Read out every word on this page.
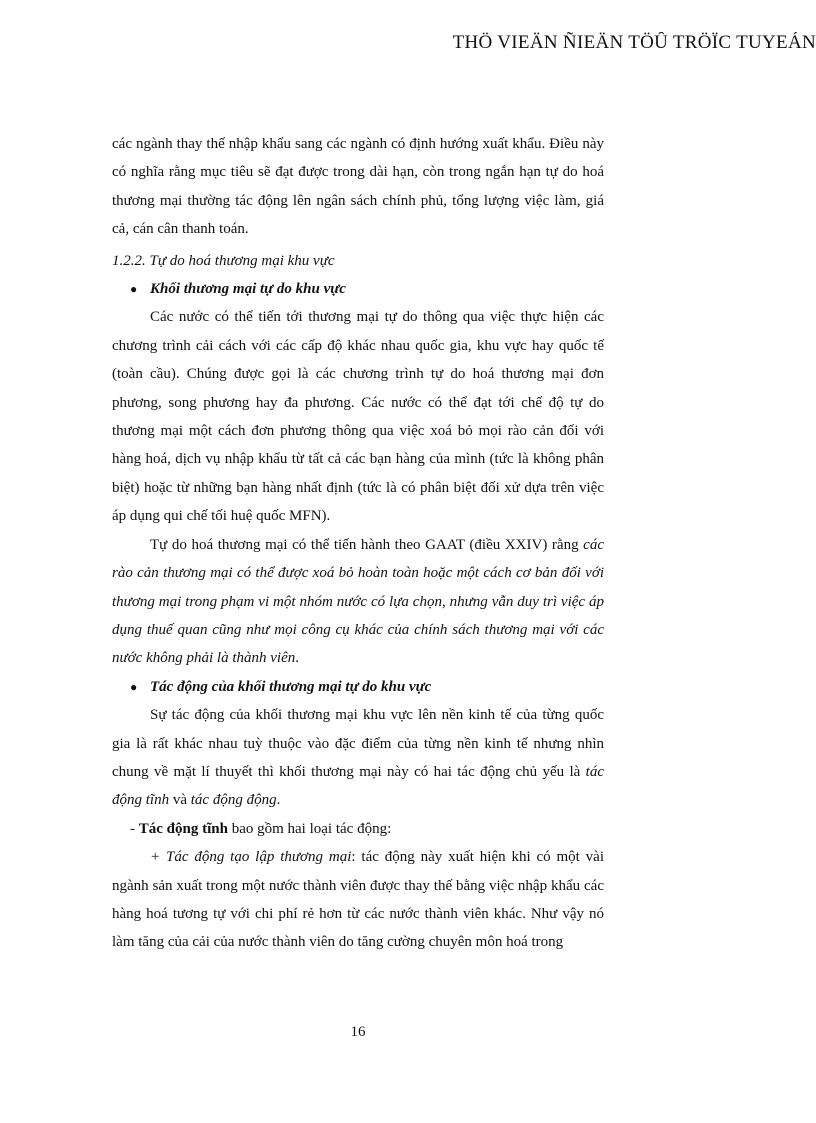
THÖ VIEÄN ÑIEÄN TÖÛ TRÖÏC TUYEÁN

các ngành thay thế nhập khẩu sang các ngành có định hướng xuất khẩu. Điều này có nghĩa rằng mục tiêu sẽ đạt được trong dài hạn, còn trong ngắn hạn tự do hoá thương mại thường tác động lên ngân sách chính phủ, tổng lượng việc làm, giá cả, cán cân thanh toán.

1.2.2. Tự do hoá thương mại khu vực

● Khối thương mại tự do khu vực

Các nước có thể tiến tới thương mại tự do thông qua việc thực hiện các chương trình cải cách với các cấp độ khác nhau quốc gia, khu vực hay quốc tế (toàn cầu). Chúng được gọi là các chương trình tự do hoá thương mại đơn phương, song phương hay đa phương. Các nước có thể đạt tới chế độ tự do thương mại một cách đơn phương thông qua việc xoá bỏ mọi rào cản đối với hàng hoá, dịch vụ nhập khẩu từ tất cả các bạn hàng của mình (tức là không phân biệt) hoặc từ những bạn hàng nhất định (tức là có phân biệt đối xử dựa trên việc áp dụng qui chế tối huệ quốc MFN).

Tự do hoá thương mại có thể tiến hành theo GAAT (điều XXIV) rằng các rào cản thương mại có thể được xoá bỏ hoàn toàn hoặc một cách cơ bản đối với thương mại trong phạm vi một nhóm nước có lựa chọn, nhưng vẫn duy trì việc áp dụng thuế quan cũng như mọi công cụ khác của chính sách thương mại với các nước không phải là thành viên.

● Tác động của khối thương mại tự do khu vực

Sự tác động của khối thương mại khu vực lên nền kinh tế của từng quốc gia là rất khác nhau tuỳ thuộc vào đặc điểm của từng nền kinh tế nhưng nhìn chung về mặt lí thuyết thì khối thương mại này có hai tác động chủ yếu là tác động tĩnh và tác động động.

- Tác động tĩnh bao gồm hai loại tác động:

+ Tác động tạo lập thương mại: tác động này xuất hiện khi có một vài ngành sản xuất trong một nước thành viên được thay thế bằng việc nhập khẩu các hàng hoá tương tự với chi phí rẻ hơn từ các nước thành viên khác. Như vậy nó làm tăng của cải của nước thành viên do tăng cường chuyên môn hoá trong

16
